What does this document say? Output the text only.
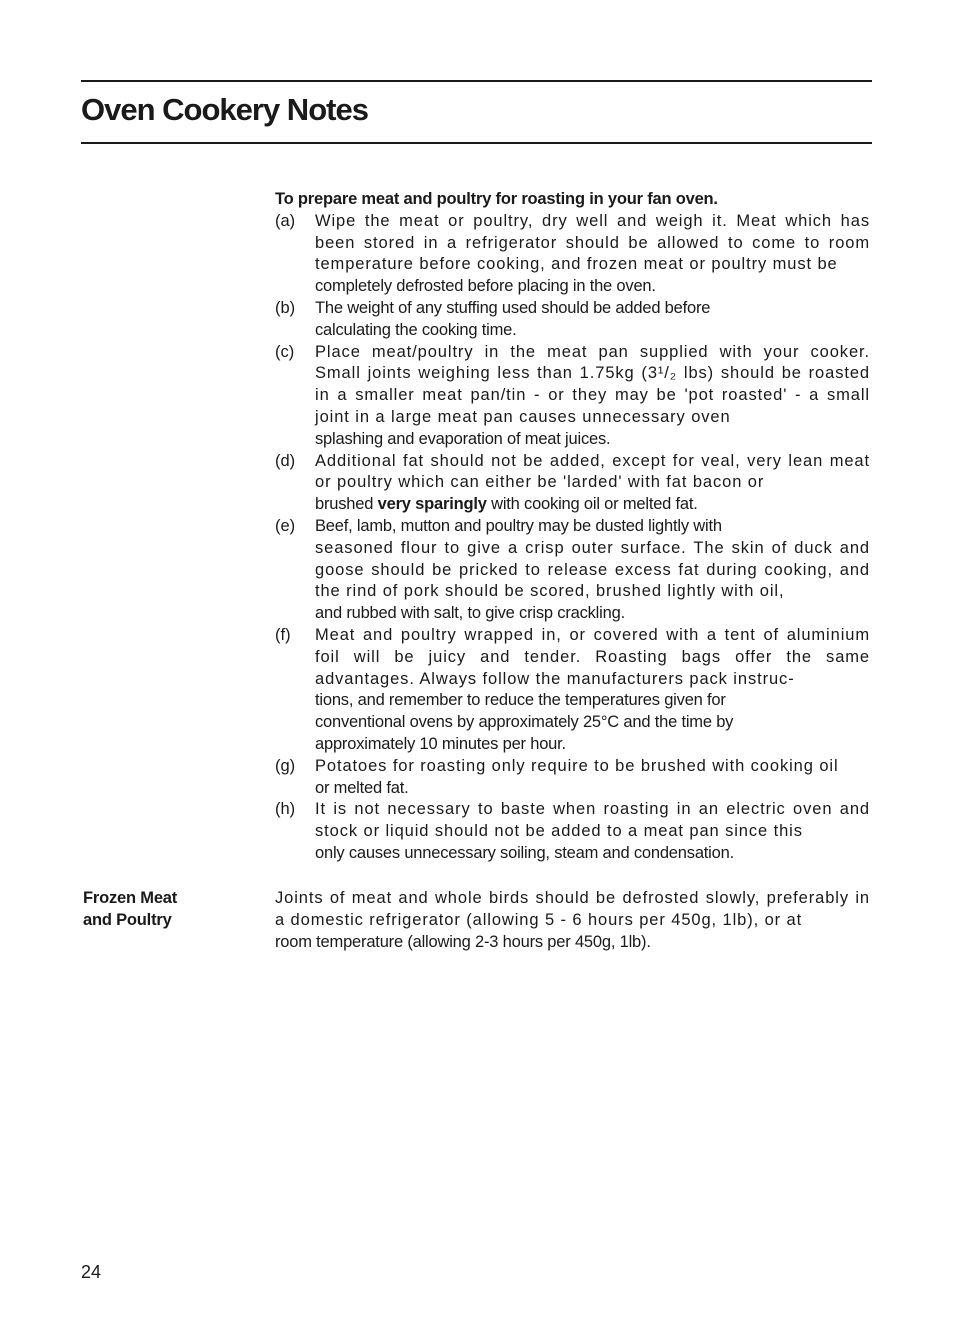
Oven Cookery Notes

To prepare meat and poultry for roasting in your fan oven.

(a)	Wipe the meat or poultry, dry well and weigh it. Meat which has been stored in a refrigerator should be allowed to come to room temperature before cooking, and frozen meat or poultry must be
completely defrosted before placing in the oven.
(b)	The weight of any stuffing used should be added before calculating the cooking time.
(c)	Place meat/poultry in the meat pan supplied with your cooker. Small joints weighing less than 1.75kg (3¹/₂ lbs) should be roasted in a smaller meat pan/tin - or they may be 'pot roasted' - a small joint in a large meat pan causes unnecessary oven
splashing and evaporation of meat juices.
(d)	Additional fat should not be added, except for veal, very lean meat or poultry which can either be 'larded' with fat bacon or
brushed very sparingly with cooking oil or melted fat.
(e)	Beef, lamb, mutton and poultry may be dusted lightly with
seasoned flour to give a crisp outer surface. The skin of duck and goose should be pricked to release excess fat during cooking, and the rind of pork should be scored, brushed lightly with oil,
and rubbed with salt, to give crisp crackling.
(f)	Meat and poultry wrapped in, or covered with a tent of aluminium foil will be juicy and tender. Roasting bags offer the same advantages. Always follow the manufacturers pack instruc-
tions, and remember to reduce the temperatures given for conventional ovens by approximately 25°C and the time by approximately 10 minutes per hour.
(g)	Potatoes for roasting only require to be brushed with cooking oil
or melted fat.
(h)	It is not necessary to baste when roasting in an electric oven and stock or liquid should not be added to a meat pan since this
only causes unnecessary soiling, steam and condensation.
Frozen Meat
and Poultry
Joints of meat and whole birds should be defrosted slowly, preferably in a domestic refrigerator (allowing 5 - 6 hours per 450g, 1lb), or at
room temperature (allowing 2-3 hours per 450g, 1lb).
24
